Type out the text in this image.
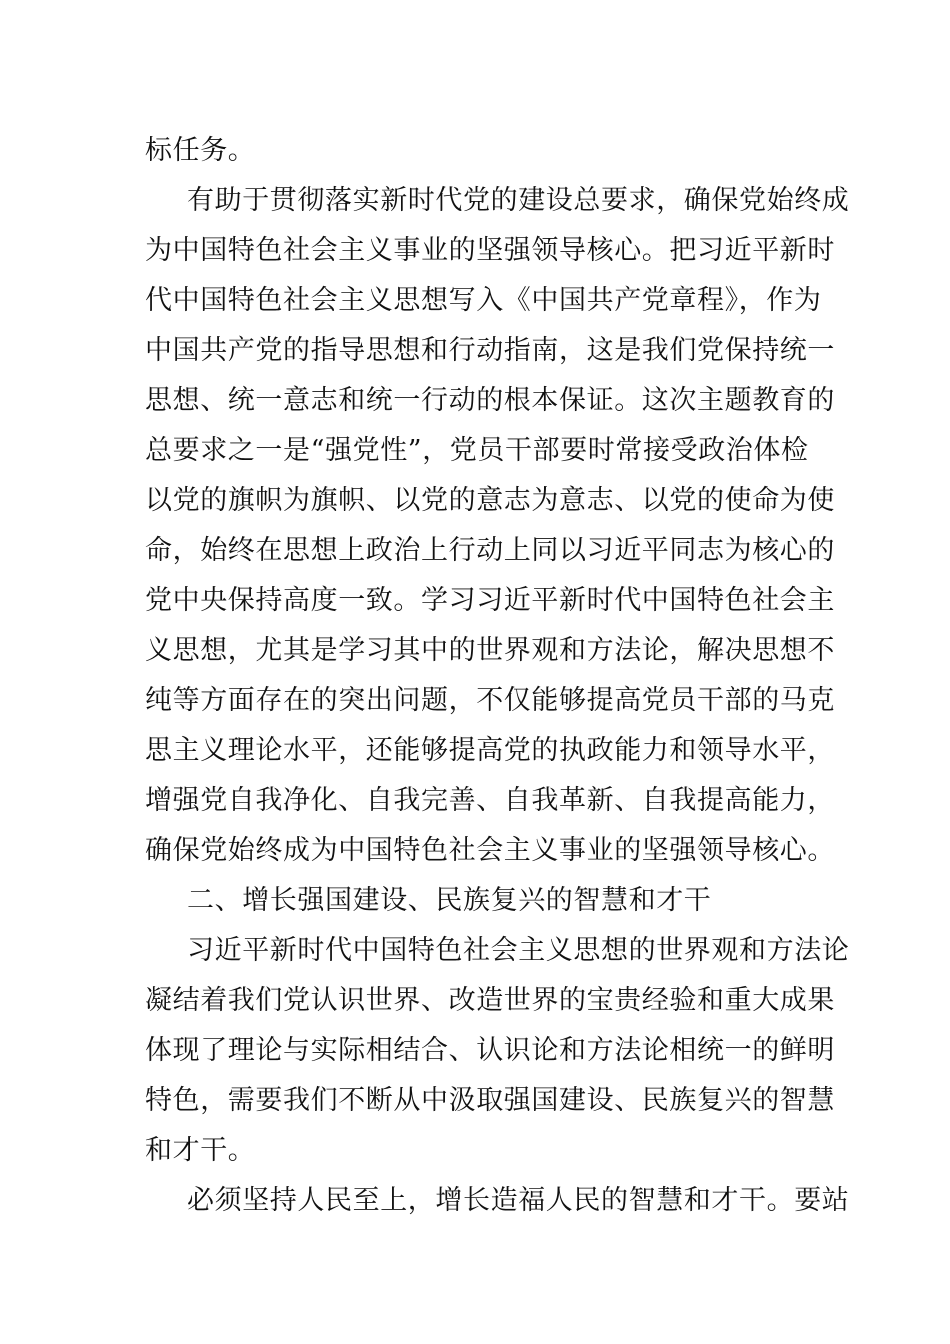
标任务。
有助于贯彻落实新时代党的建设总要求，确保党始终成
为中国特色社会主义事业的坚强领导核心。把习近平新时
代中国特色社会主义思想写入《中国共产党章程》，作为
中国共产党的指导思想和行动指南，这是我们党保持统一
思想、统一意志和统一行动的根本保证。这次主题教育的
总要求之一是“强党性”，党员干部要时常接受政治体检
以党的旗帜为旗帜、以党的意志为意志、以党的使命为使
命，始终在思想上政治上行动上同以习近平同志为核心的
党中央保持高度一致。学习习近平新时代中国特色社会主
义思想，尤其是学习其中的世界观和方法论，解决思想不
纯等方面存在的突出问题，不仅能够提高党员干部的马克
思主义理论水平，还能够提高党的执政能力和领导水平，
增强党自我净化、自我完善、自我革新、自我提高能力，
确保党始终成为中国特色社会主义事业的坚强领导核心。
二、增长强国建设、民族复兴的智慧和才干
习近平新时代中国特色社会主义思想的世界观和方法论
凝结着我们党认识世界、改造世界的宝贵经验和重大成果
体现了理论与实际相结合、认识论和方法论相统一的鲜明
特色，需要我们不断从中汲取强国建设、民族复兴的智慧
和才干。
必须坚持人民至上，增长造福人民的智慧和才干。要站
